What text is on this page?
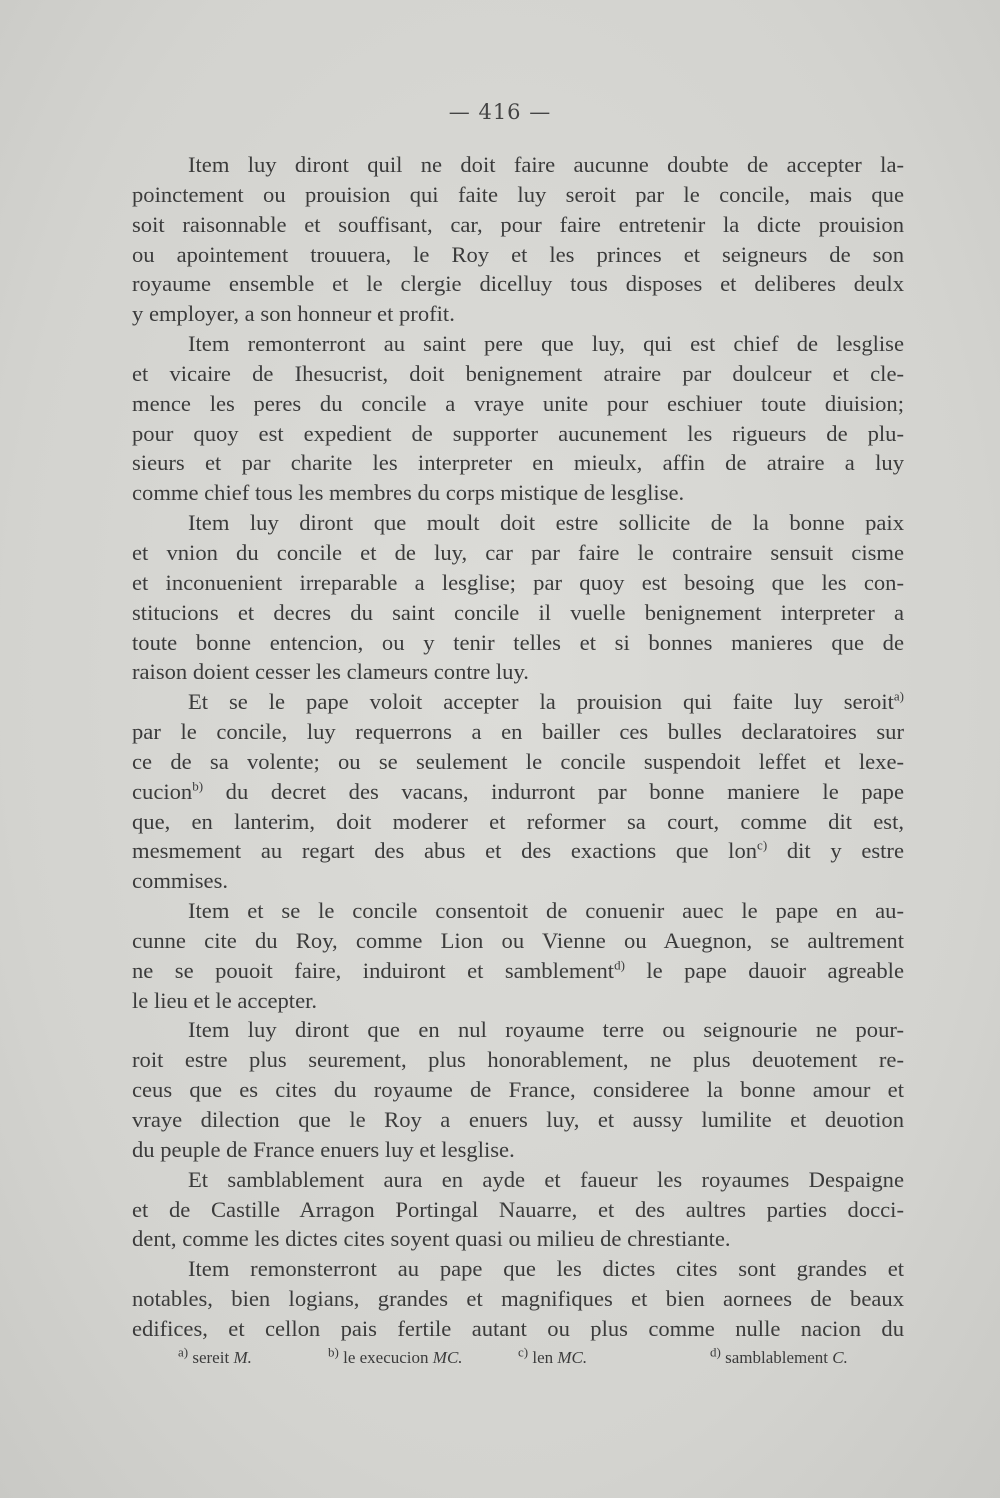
— 416 —
Item luy diront quil ne doit faire aucunne doubte de accepter la-
poinctement ou prouision qui faite luy seroit par le concile, mais que
soit raisonnable et souffisant, car, pour faire entretenir la dicte prouision
ou apointement trouuera, le Roy et les princes et seigneurs de son
royaume ensemble et le clergie dicelluy tous disposes et deliberes deulx
y employer, a son honneur et profit.
Item remonterront au saint pere que luy, qui est chief de lesglise
et vicaire de Ihesucrist, doit benignement atraire par doulceur et cle-
mence les peres du concile a vraye unite pour eschiuer toute diuision;
pour quoy est expedient de supporter aucunement les rigueurs de plu-
sieurs et par charite les interpreter en mieulx, affin de atraire a luy
comme chief tous les membres du corps mistique de lesglise.
Item luy diront que moult doit estre sollicite de la bonne paix
et vnion du concile et de luy, car par faire le contraire sensuit cisme
et inconuenient irreparable a lesglise; par quoy est besoing que les con-
stitucions et decres du saint concile il vuelle benignement interpreter a
toute bonne entencion, ou y tenir telles et si bonnes manieres que de
raison doient cesser les clameurs contre luy.
Et se le pape voloit accepter la prouision qui faite luy seroit$^{a)}$
par le concile, luy requerrons a en bailler ces bulles declaratoires sur
ce de sa volente; ou se seulement le concile suspendoit leffet et lexe-
cucion$^{b)}$ du decret des vacans, indurront par bonne maniere le pape
que, en lanterim, doit moderer et reformer sa court, comme dit est,
mesmement au regart des abus et des exactions que lon$^{c)}$ dit y estre
commises.
Item et se le concile consentoit de conuenir auec le pape en au-
cunne cite du Roy, comme Lion ou Vienne ou Auegnon, se aultrement
ne se pouoit faire, induiront et samblement$^{d)}$ le pape dauoir agreable
le lieu et le accepter.
Item luy diront que en nul royaume terre ou seignourie ne pour-
roit estre plus seurement, plus honorablement, ne plus deuotement re-
ceus que es cites du royaume de France, consideree la bonne amour et
vraye dilection que le Roy a enuers luy, et aussy lumilite et deuotion
du peuple de France enuers luy et lesglise.
Et samblablement aura en ayde et faueur les royaumes Despaigne
et de Castille Arragon Portingal Nauarre, et des aultres parties docci-
dent, comme les dictes cites soyent quasi ou milieu de chrestiante.
Item remonsterront au pape que les dictes cites sont grandes et
notables, bien logians, grandes et magnifiques et bien aornees de beaux
edifices, et cellon pais fertile autant ou plus comme nulle nacion du
$^{a)}$ sereit M.	$^{b)}$ le execucion MC.	$^{c)}$ len MC.	$^{d)}$ samblablement C.
